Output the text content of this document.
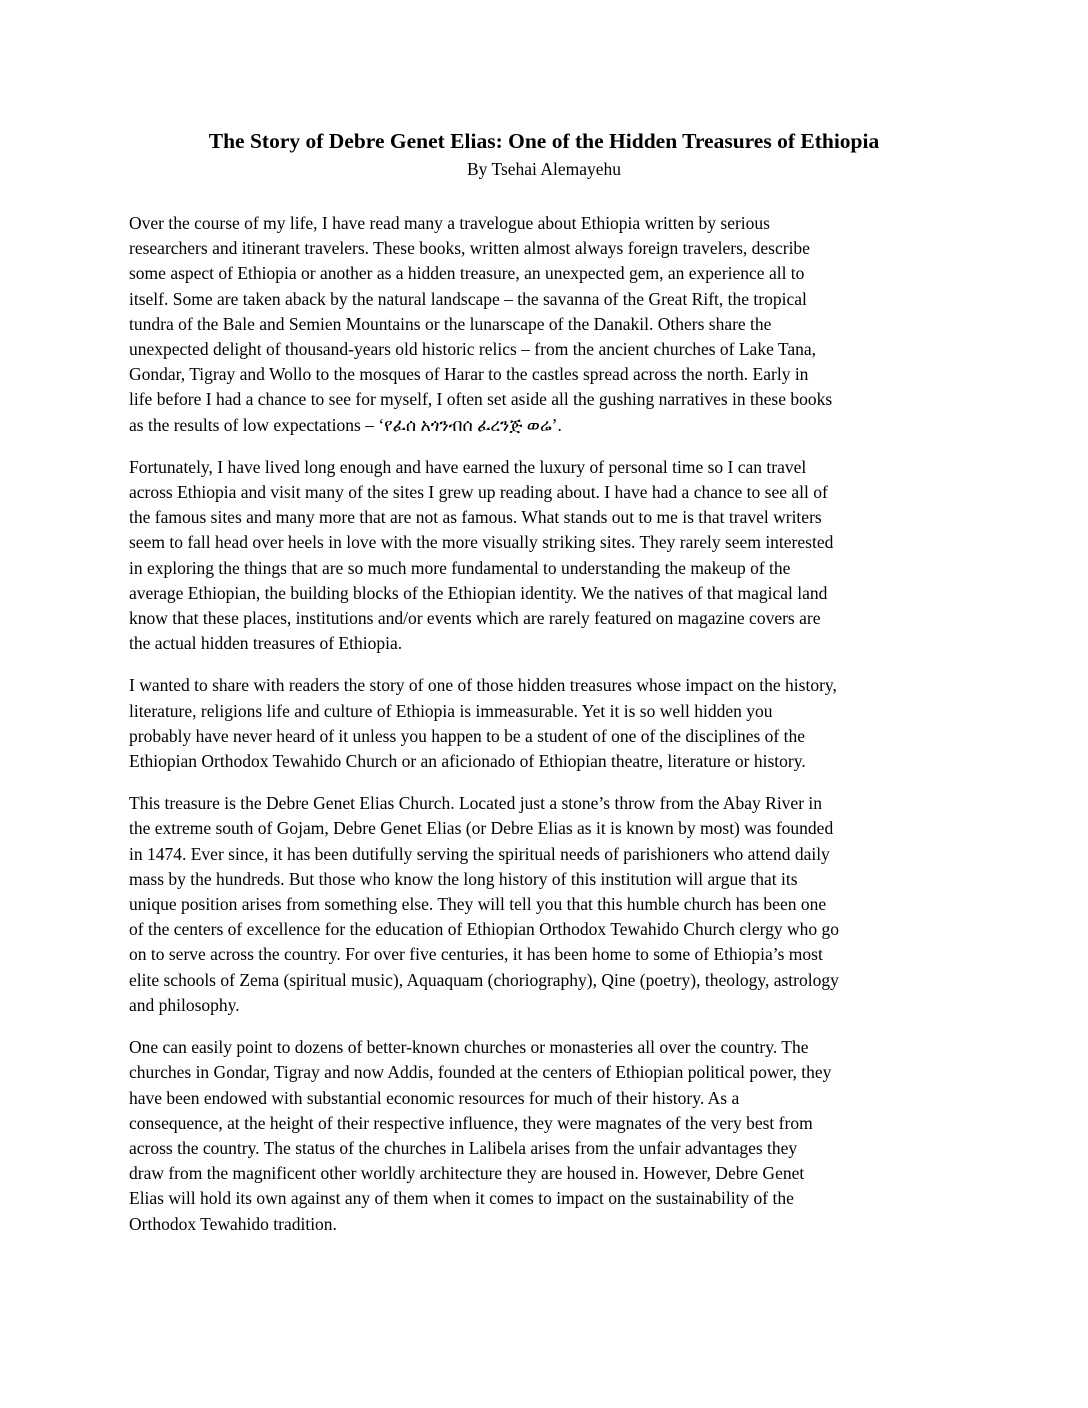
The Story of Debre Genet Elias: One of the Hidden Treasures of Ethiopia

By Tsehai Alemayehu

Over the course of my life, I have read many a travelogue about Ethiopia written by serious
researchers and itinerant travelers. These books, written almost always foreign travelers, describe
some aspect of Ethiopia or another as a hidden treasure, an unexpected gem, an experience all to
itself. Some are taken aback by the natural landscape – the savanna of the Great Rift, the tropical
tundra of the Bale and Semien Mountains or the lunarscape of the Danakil. Others share the
unexpected delight of thousand-years old historic relics – from the ancient churches of Lake Tana,
Gondar, Tigray and Wollo to the mosques of Harar to the castles spread across the north. Early in
life before I had a chance to see for myself, I often set aside all the gushing narratives in these books
as the results of low expectations – ‘የፈሰ አጎንብሰ ፈረንጅ ወሬ’.

Fortunately, I have lived long enough and have earned the luxury of personal time so I can travel
across Ethiopia and visit many of the sites I grew up reading about. I have had a chance to see all of
the famous sites and many more that are not as famous. What stands out to me is that travel writers
seem to fall head over heels in love with the more visually striking sites. They rarely seem interested
in exploring the things that are so much more fundamental to understanding the makeup of the
average Ethiopian, the building blocks of the Ethiopian identity. We the natives of that magical land
know that these places, institutions and/or events which are rarely featured on magazine covers are
the actual hidden treasures of Ethiopia.

I wanted to share with readers the story of one of those hidden treasures whose impact on the history,
literature, religions life and culture of Ethiopia is immeasurable. Yet it is so well hidden you
probably have never heard of it unless you happen to be a student of one of the disciplines of the
Ethiopian Orthodox Tewahido Church or an aficionado of Ethiopian theatre, literature or history.

This treasure is the Debre Genet Elias Church. Located just a stone’s throw from the Abay River in
the extreme south of Gojam, Debre Genet Elias (or Debre Elias as it is known by most) was founded
in 1474. Ever since, it has been dutifully serving the spiritual needs of parishioners who attend daily
mass by the hundreds. But those who know the long history of this institution will argue that its
unique position arises from something else. They will tell you that this humble church has been one
of the centers of excellence for the education of Ethiopian Orthodox Tewahido Church clergy who go
on to serve across the country. For over five centuries, it has been home to some of Ethiopia’s most
elite schools of Zema (spiritual music), Aquaquam (choriography), Qine (poetry), theology, astrology
and philosophy.

One can easily point to dozens of better-known churches or monasteries all over the country. The
churches in Gondar, Tigray and now Addis, founded at the centers of Ethiopian political power, they
have been endowed with substantial economic resources for much of their history. As a
consequence, at the height of their respective influence, they were magnates of the very best from
across the country. The status of the churches in Lalibela arises from the unfair advantages they
draw from the magnificent other worldly architecture they are housed in. However, Debre Genet
Elias will hold its own against any of them when it comes to impact on the sustainability of the
Orthodox Tewahido tradition.
